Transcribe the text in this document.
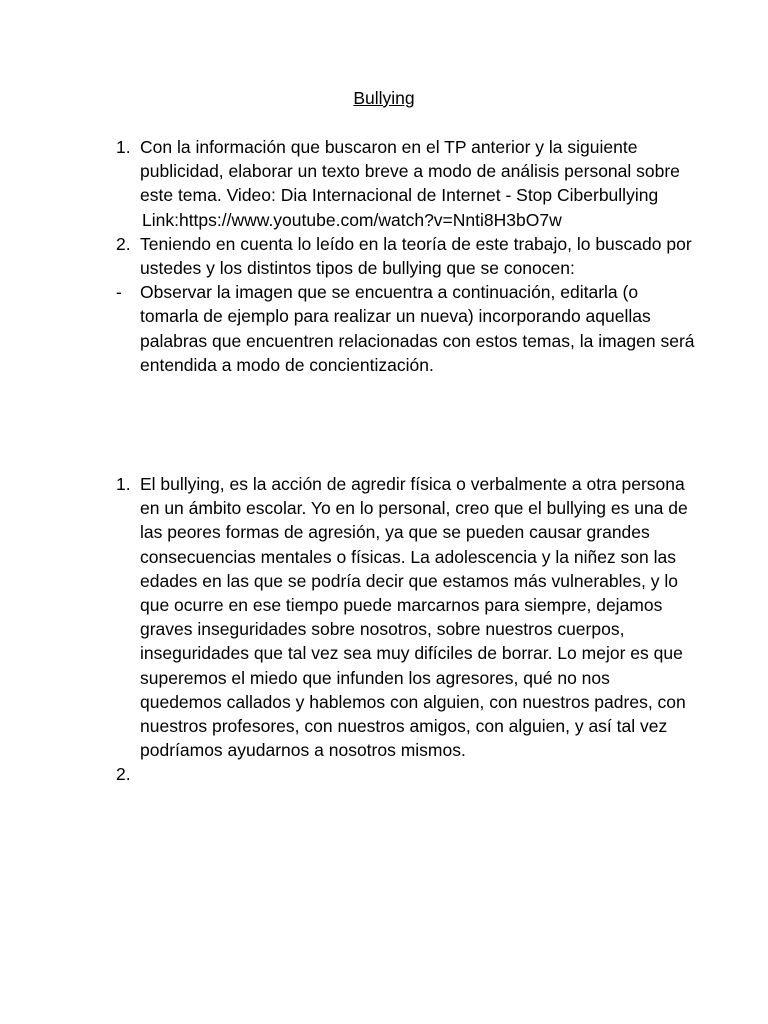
Bullying
1. Con la información que buscaron en el TP anterior y la siguiente publicidad, elaborar un texto breve a modo de análisis personal sobre este tema. Video: Dia Internacional de Internet - Stop Ciberbullying
Link:https://www.youtube.com/watch?v=Nnti8H3bO7w
2. Teniendo en cuenta lo leído en la teoría de este trabajo, lo buscado por ustedes y los distintos tipos de bullying que se conocen:
- Observar la imagen que se encuentra a continuación, editarla (o tomarla de ejemplo para realizar un nueva) incorporando aquellas palabras que encuentren relacionadas con estos temas, la imagen será entendida a modo de concientización.
1. El bullying, es la acción de agredir física o verbalmente a otra persona en un ámbito escolar. Yo en lo personal, creo que el bullying es una de las peores formas de agresión, ya que se pueden causar grandes consecuencias mentales o físicas. La adolescencia y la niñez son las edades en las que se podría decir que estamos más vulnerables, y lo que ocurre en ese tiempo puede marcarnos para siempre, dejamos graves inseguridades sobre nosotros, sobre nuestros cuerpos, inseguridades que tal vez sea muy difíciles de borrar. Lo mejor es que superemos el miedo que infunden los agresores, qué no nos quedemos callados y hablemos con alguien, con nuestros padres, con nuestros profesores, con nuestros amigos, con alguien, y así tal vez podríamos ayudarnos a nosotros mismos.
2.
